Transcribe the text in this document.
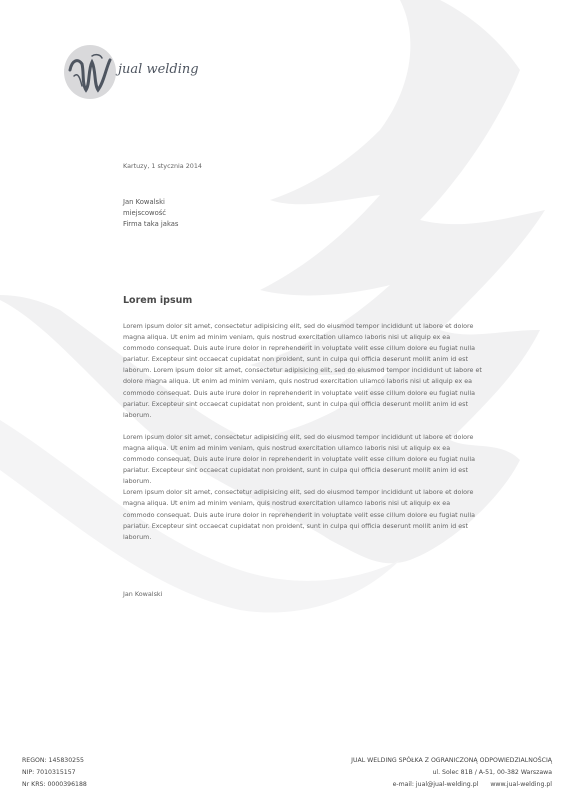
jual welding
Kartuzy, 1 stycznia 2014
Jan Kowalski
miejscowość
Firma taka jakas
Lorem ipsum

Lorem ipsum dolor sit amet, consectetur adipisicing elit, sed do eiusmod tempor incididunt ut labore et dolore magna aliqua. Ut enim ad minim veniam, quis nostrud exercitation ullamco laboris nisi ut aliquip ex ea commodo consequat. Duis aute irure dolor in reprehenderit in voluptate velit esse cillum dolore eu fugiat nulla pariatur. Excepteur sint occaecat cupidatat non proident, sunt in culpa qui officia deserunt mollit anim id est laborum. Lorem ipsum dolor sit amet, consectetur adipisicing elit, sed do eiusmod tempor incididunt ut labore et dolore magna aliqua. Ut enim ad minim veniam, quis nostrud exercitation ullamco laboris nisi ut aliquip ex ea commodo consequat. Duis aute irure dolor in reprehenderit in voluptate velit esse cillum dolore eu fugiat nulla pariatur. Excepteur sint occaecat cupidatat non proident, sunt in culpa qui officia deserunt mollit anim id est laborum.

Lorem ipsum dolor sit amet, consectetur adipisicing elit, sed do eiusmod tempor incididunt ut labore et dolore magna aliqua. Ut enim ad minim veniam, quis nostrud exercitation ullamco laboris nisi ut aliquip ex ea commodo consequat. Duis aute irure dolor in reprehenderit in voluptate velit esse cillum dolore eu fugiat nulla pariatur. Excepteur sint occaecat cupidatat non proident, sunt in culpa qui officia deserunt mollit anim id est laborum.

Lorem ipsum dolor sit amet, consectetur adipisicing elit, sed do eiusmod tempor incididunt ut labore et dolore magna aliqua. Ut enim ad minim veniam, quis nostrud exercitation ullamco laboris nisi ut aliquip ex ea commodo consequat. Duis aute irure dolor in reprehenderit in voluptate velit esse cillum dolore eu fugiat nulla pariatur. Excepteur sint occaecat cupidatat non proident, sunt in culpa qui officia deserunt mollit anim id est laborum.

Jan Kowalski
REGON: 145830255
NIP: 7010315157
Nr KRS: 0000396188
JUAL WELDING SPÓŁKA Z OGRANICZONĄ ODPOWIEDZIALNOŚCIĄ
ul. Solec 81B / A-51, 00-382 Warszawa
e-mail: jual@jual-welding.pl www.jual-welding.pl
